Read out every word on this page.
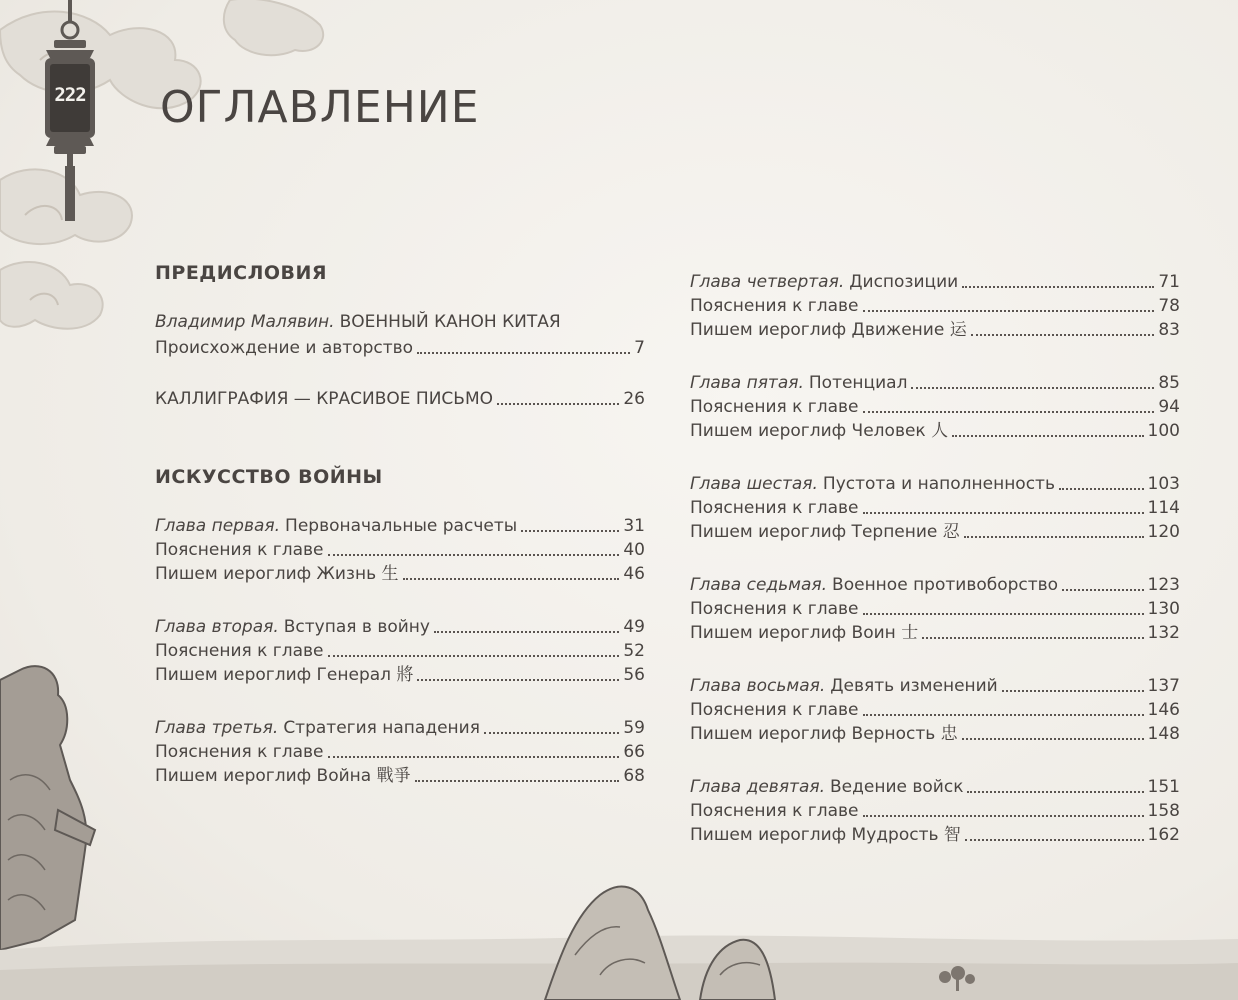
222 ОГЛАВЛЕНИЕ
ПРЕДИСЛОВИЯ
Владимир Малявин. ВОЕННЫЙ КАНОН КИТАЯ
Происхождение и авторство	7
КАЛЛИГРАФИЯ — КРАСИВОЕ ПИСЬМО	26
ИСКУССТВО ВОЙНЫ
Глава первая. Первоначальные расчеты	31
Пояснения к главе	40
Пишем иероглиф Жизнь 生	46
Глава вторая. Вступая в войну	49
Пояснения к главе	52
Пишем иероглиф Генерал 將	56
Глава третья. Стратегия нападения	59
Пояснения к главе	66
Пишем иероглиф Война 戰爭	68
Глава четвертая. Диспозиции	71
Пояснения к главе	78
Пишем иероглиф Движение 运	83
Глава пятая. Потенциал	85
Пояснения к главе	94
Пишем иероглиф Человек 人	100
Глава шестая. Пустота и наполненность	103
Пояснения к главе	114
Пишем иероглиф Терпение 忍	120
Глава седьмая. Военное противоборство	123
Пояснения к главе	130
Пишем иероглиф Воин 士	132
Глава восьмая. Девять изменений	137
Пояснения к главе	146
Пишем иероглиф Верность 忠	148
Глава девятая. Ведение войск	151
Пояснения к главе	158
Пишем иероглиф Мудрость 智	162
